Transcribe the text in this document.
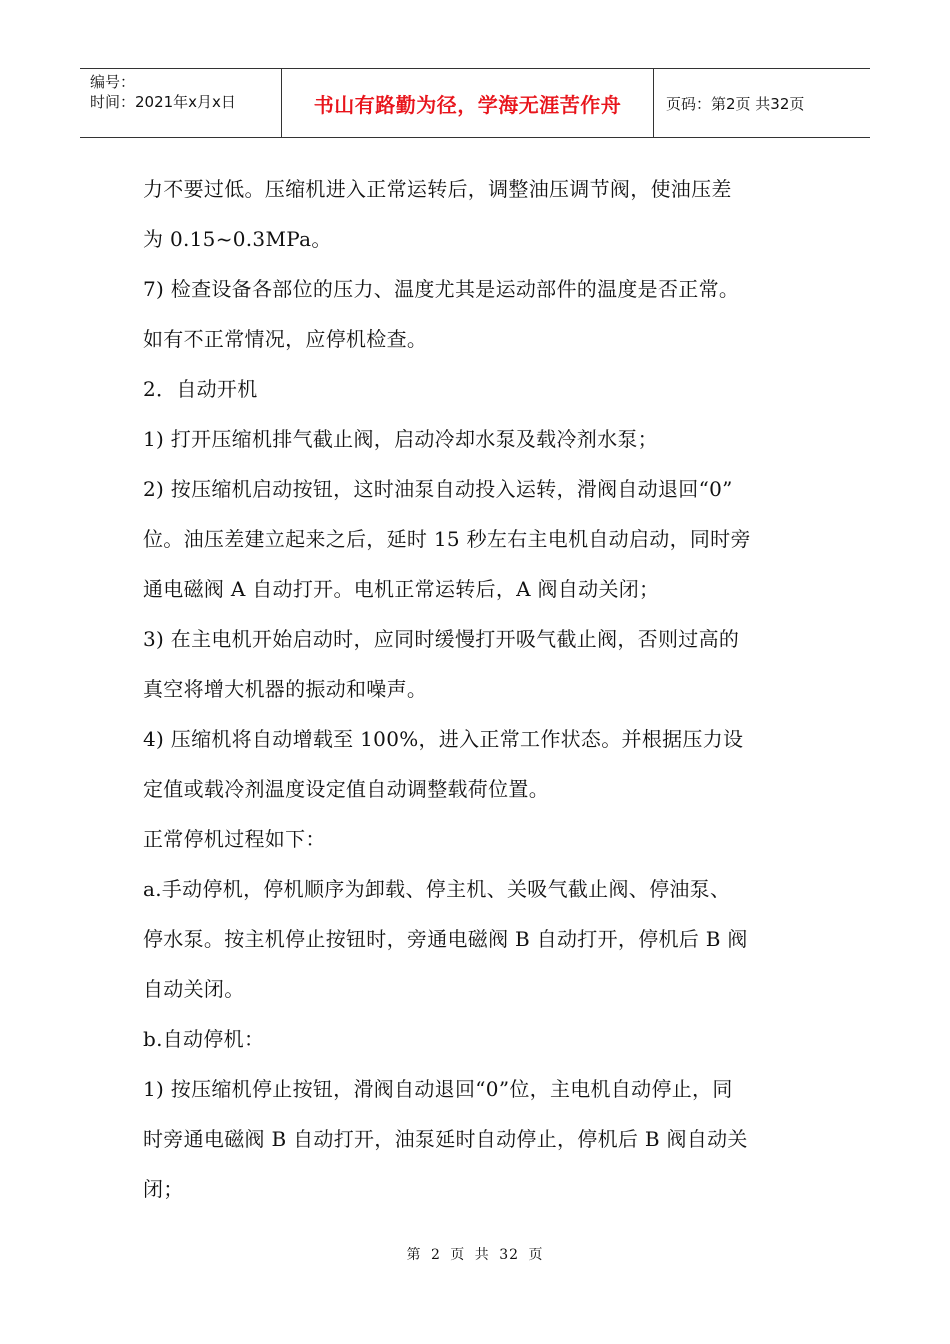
编号：
时间：2021年x月x日	书山有路勤为径，学海无涯苦作舟	页码：第2页 共32页
力不要过低。压缩机进入正常运转后，调整油压调节阀，使油压差
为 0.15~0.3MPa。
7) 检查设备各部位的压力、温度尤其是运动部件的温度是否正常。
如有不正常情况，应停机检查。
2．自动开机
1) 打开压缩机排气截止阀，启动冷却水泵及载冷剂水泵；
2) 按压缩机启动按钮，这时油泵自动投入运转，滑阀自动退回“0”
位。油压差建立起来之后，延时 15 秒左右主电机自动启动，同时旁
通电磁阀 A 自动打开。电机正常运转后，A 阀自动关闭；
3) 在主电机开始启动时，应同时缓慢打开吸气截止阀，否则过高的
真空将增大机器的振动和噪声。
4) 压缩机将自动增载至 100%，进入正常工作状态。并根据压力设
定值或载冷剂温度设定值自动调整载荷位置。
正常停机过程如下：
a.手动停机，停机顺序为卸载、停主机、关吸气截止阀、停油泵、
停水泵。按主机停止按钮时，旁通电磁阀 B 自动打开，停机后 B 阀
自动关闭。
b.自动停机：
1) 按压缩机停止按钮，滑阀自动退回“0”位，主电机自动停止，同
时旁通电磁阀 B 自动打开，油泵延时自动停止，停机后 B 阀自动关
闭；
第 2 页 共 32 页
